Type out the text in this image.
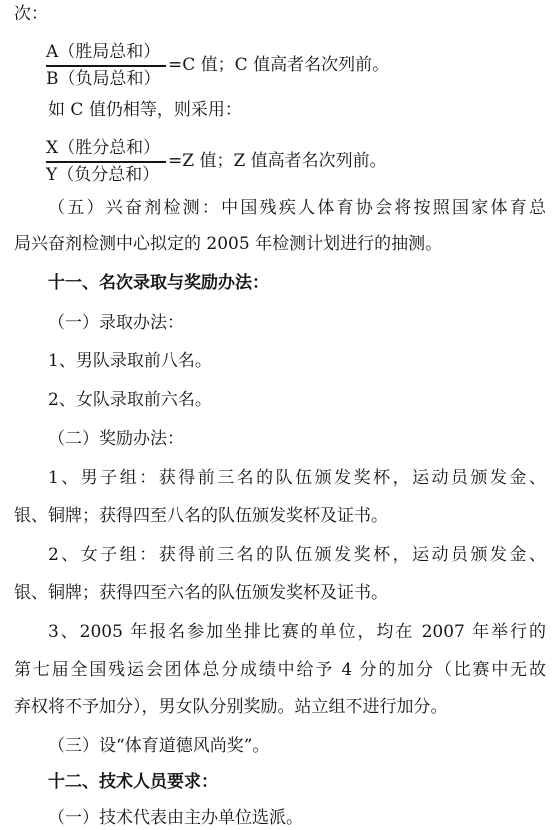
次：
A（胜局总和）
B（负局总和）
=C 值；C 值高者名次列前。
如 C 值仍相等，则采用：
X（胜分总和）
Y（负分总和）
=Z 值；Z 值高者名次列前。
（五）兴奋剂检测：中国残疾人体育协会将按照国家体育总
局兴奋剂检测中心拟定的 2005 年检测计划进行的抽测。
十一、名次录取与奖励办法：
（一）录取办法：
1、男队录取前八名。
2、女队录取前六名。
（二）奖励办法：
1、男子组：获得前三名的队伍颁发奖杯，运动员颁发金、
银、铜牌；获得四至八名的队伍颁发奖杯及证书。
2、女子组：获得前三名的队伍颁发奖杯，运动员颁发金、
银、铜牌；获得四至六名的队伍颁发奖杯及证书。
3、2005 年报名参加坐排比赛的单位，均在 2007 年举行的
第七届全国残运会团体总分成绩中给予 4 分的加分（比赛中无故
弃权将不予加分），男女队分别奖励。站立组不进行加分。
（三）设“体育道德风尚奖”。
十二、技术人员要求：
（一）技术代表由主办单位选派。
